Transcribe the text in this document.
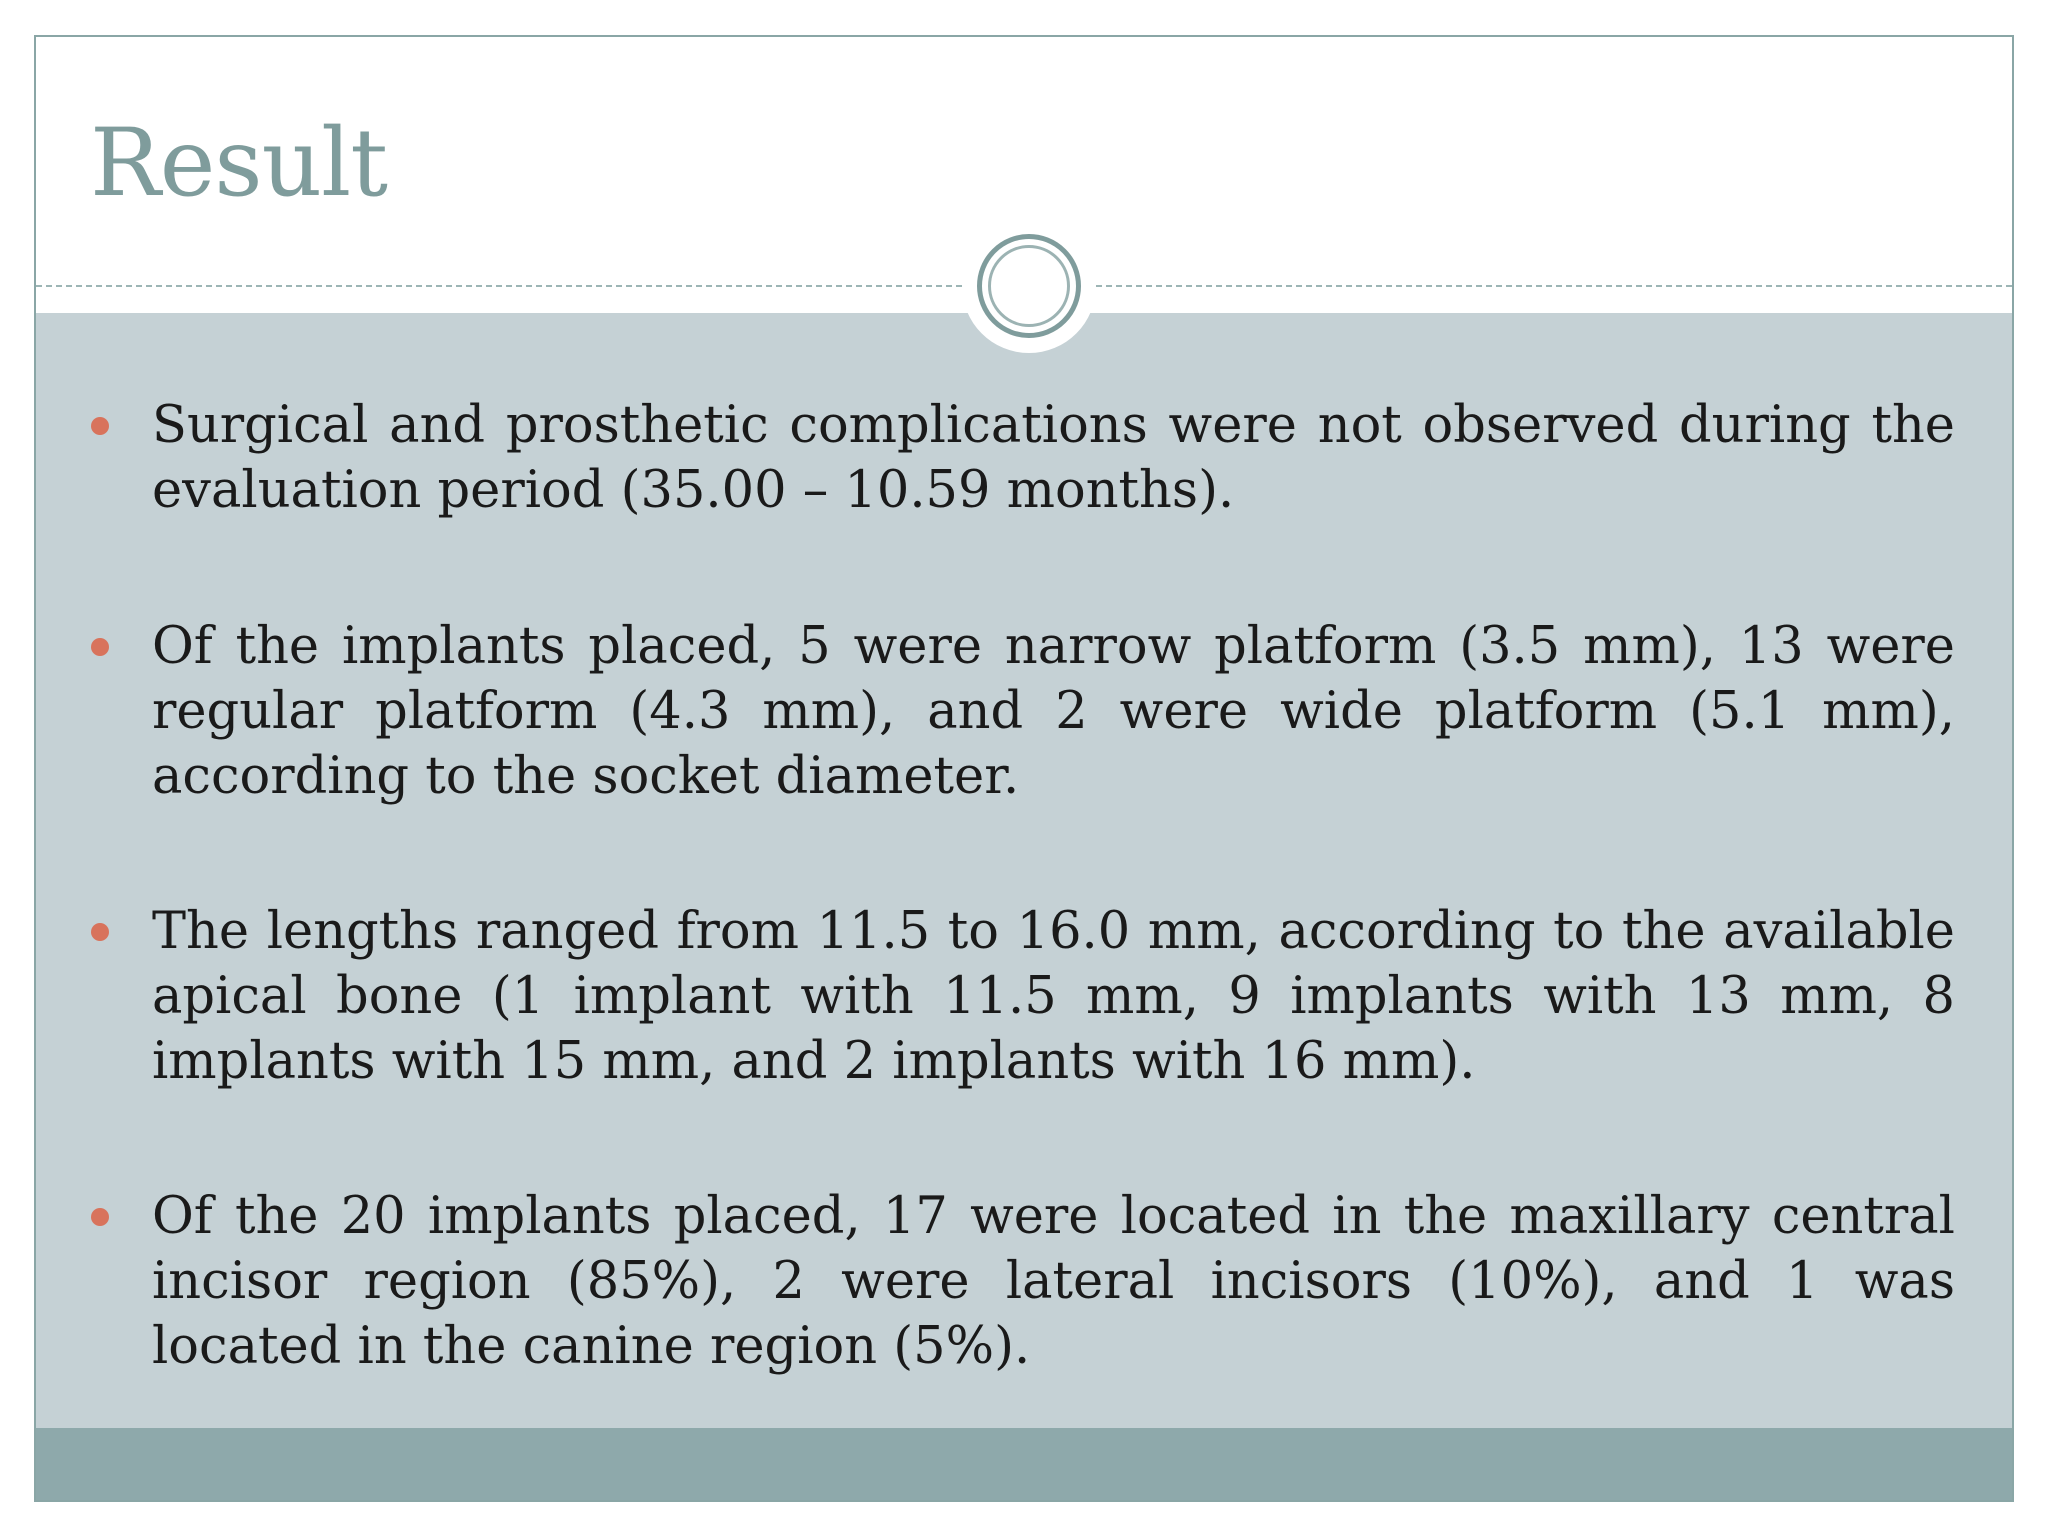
Result
Surgical and prosthetic complications were not observed during the evaluation period (35.00 – 10.59 months).
Of the implants placed, 5 were narrow platform (3.5 mm), 13 were regular platform (4.3 mm), and 2 were wide platform (5.1 mm), according to the socket diameter.
The lengths ranged from 11.5 to 16.0 mm, according to the available apical bone (1 implant with 11.5 mm, 9 implants with 13 mm, 8 implants with 15 mm, and 2 implants with 16 mm).
Of the 20 implants placed, 17 were located in the maxillary central incisor region (85%), 2 were lateral incisors (10%), and 1 was located in the canine region (5%).
